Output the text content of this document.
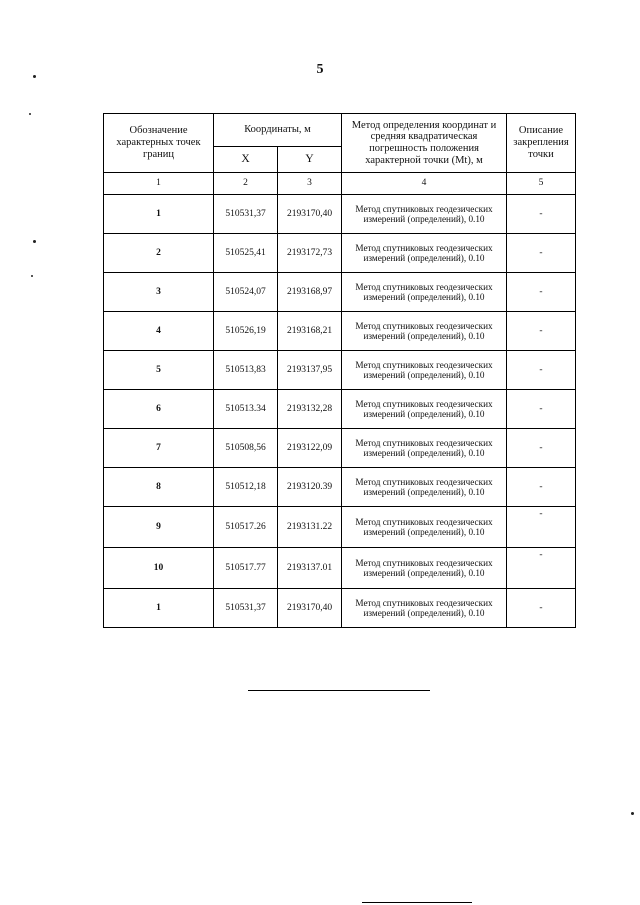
5
Обозначение характерных точек границ	Координаты, м		Метод определения координат и средняя квадратическая погрешность положения характерной точки (Mt), м	Описание закрепления точки
	X	Y		
1	2	3	4	5
1	510531,37	2193170,40	Метод спутниковых геодезических измерений (определений), 0.10	-
2	510525,41	2193172,73	Метод спутниковых геодезических измерений (определений), 0.10	-
3	510524,07	2193168,97	Метод спутниковых геодезических измерений (определений), 0.10	-
4	510526,19	2193168,21	Метод спутниковых геодезических измерений (определений), 0.10	-
5	510513,83	2193137,95	Метод спутниковых геодезических измерений (определений), 0.10	-
6	510513.34	2193132,28	Метод спутниковых геодезических измерений (определений), 0.10	-
7	510508,56	2193122,09	Метод спутниковых геодезических измерений (определений), 0.10	-
8	510512,18	2193120.39	Метод спутниковых геодезических измерений (определений), 0.10	-
9	510517.26	2193131.22	Метод спутниковых геодезических измерений (определений), 0.10	-
10	510517.77	2193137.01	Метод спутниковых геодезических измерений (определений), 0.10	-
1	510531,37	2193170,40	Метод спутниковых геодезических измерений (определений), 0.10	-
